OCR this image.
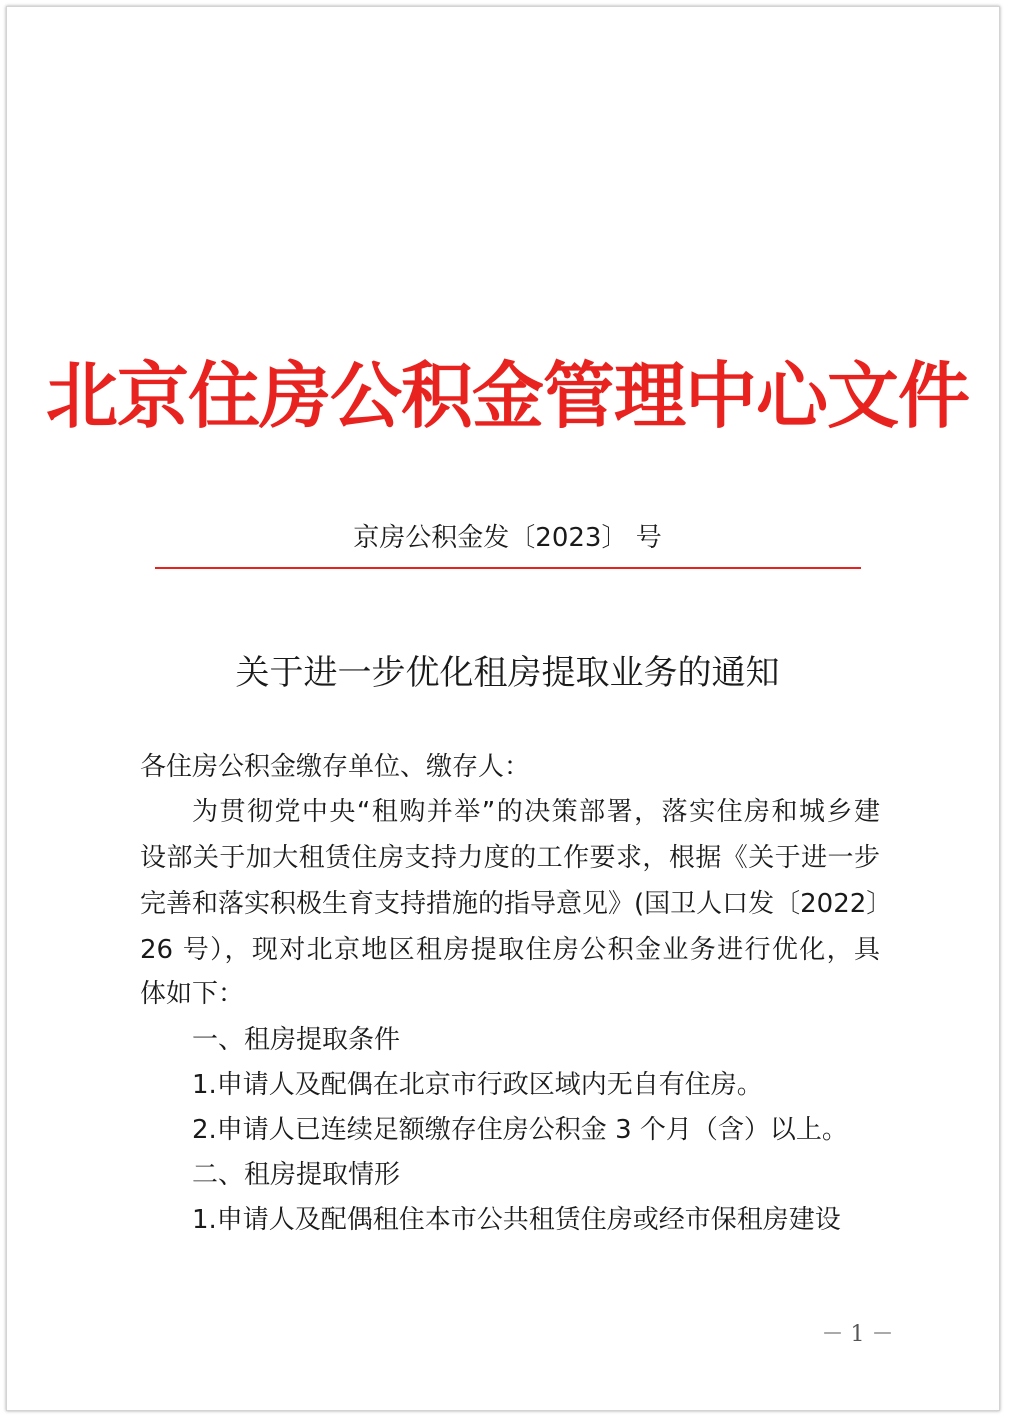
北京住房公积金管理中心文件
京房公积金发〔2023〕 号
关于进一步优化租房提取业务的通知
各住房公积金缴存单位、缴存人：
为贯彻党中央“租购并举”的决策部署，落实住房和城乡建
设部关于加大租赁住房支持力度的工作要求，根据《关于进一步
完善和落实积极生育支持措施的指导意见》(国卫人口发〔2022〕
26 号），现对北京地区租房提取住房公积金业务进行优化，具
体如下：
一、租房提取条件
1.申请人及配偶在北京市行政区域内无自有住房。
2.申请人已连续足额缴存住房公积金 3 个月（含）以上。
二、租房提取情形
1.申请人及配偶租住本市公共租赁住房或经市保租房建设
－ 1 －
